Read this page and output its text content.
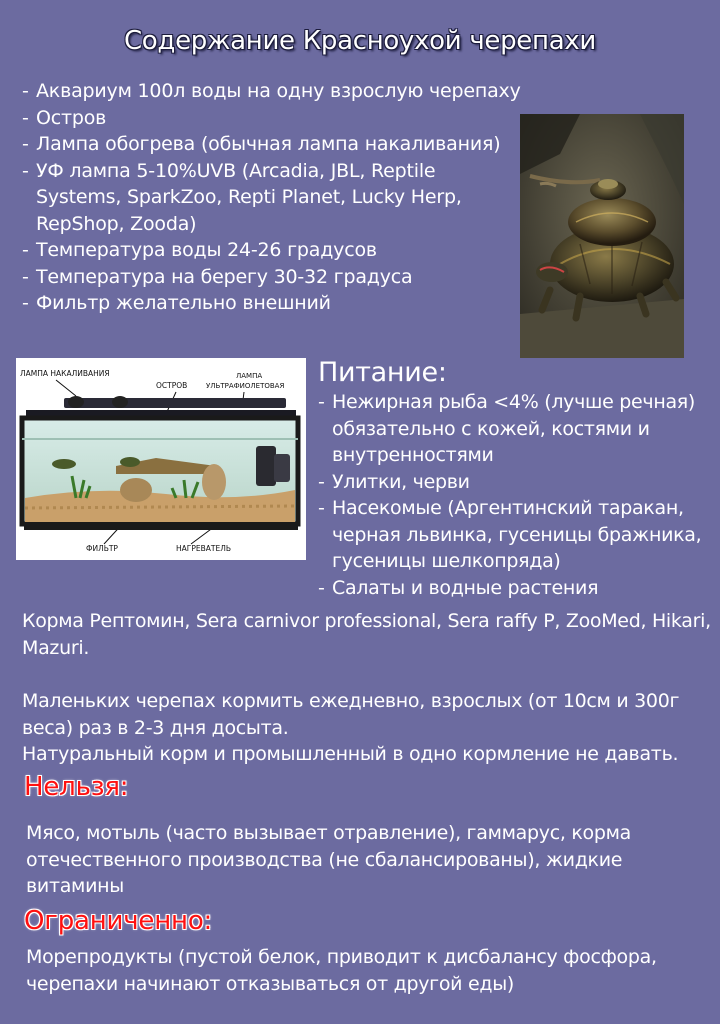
Содержание Красноухой черепахи
- Аквариум 100л воды на одну взрослую черепаху
- Остров
- Лампа обогрева (обычная лампа накаливания)
- УФ лампа 5-10%UVB (Arcadia, JBL, Reptile Systems, SparkZoo, Repti Planet, Lucky Herp, RepShop, Zooda)
- Температура воды 24-26 градусов
- Температура на берегу 30-32 градуса
- Фильтр желательно внешний
ЛАМПА НАКАЛИВАНИЯ
ОСТРОВ
ЛАМПА
УЛЬТРАФИОЛЕТОВАЯ
ФИЛЬТР	НАГРЕВАТЕЛЬ
Питание:
- Нежирная рыба <4% (лучше речная) обязательно с кожей, костями и внутренностями
- Улитки, черви
- Насекомые (Аргентинский таракан, черная львинка, гусеницы бражника, гусеницы шелкопряда)
- Салаты и водные растения
Корма Рептомин, Sera carnivor professional, Sera raffy P, ZooMed, Hikari, Mazuri.
Маленьких черепах кормить ежедневно, взрослых (от 10см и 300г веса) раз в 2-3 дня досыта.
Натуральный корм и промышленный в одно кормление не давать.
Нельзя:
Мясо, мотыль (часто вызывает отравление), гаммарус, корма отечественного производства (не сбалансированы), жидкие витамины
Ограниченно:
Морепродукты (пустой белок, приводит к дисбалансу фосфора, черепахи начинают отказываться от другой еды)
